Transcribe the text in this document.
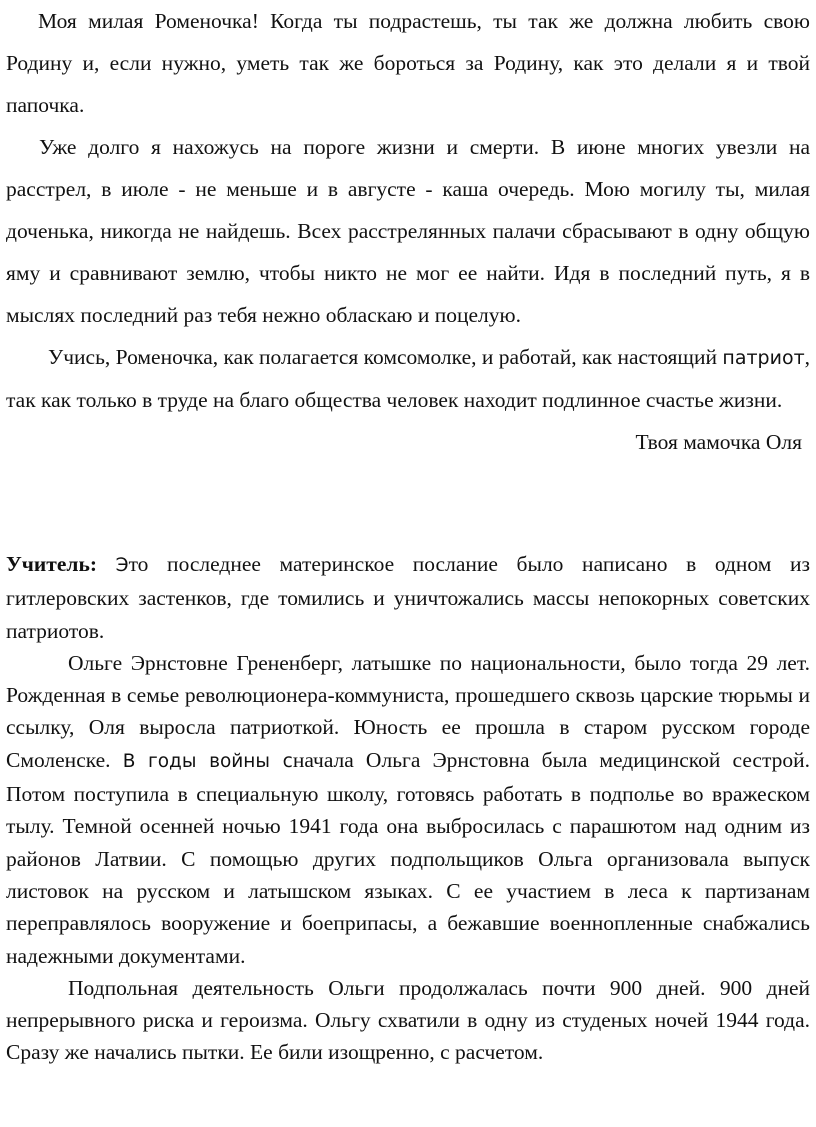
Моя милая Роменочка! Когда ты подрастешь, ты так же должна любить свою Родину и, если нужно, уметь так же бороться за Родину, как это делали я и твой папочка.

Уже долго я нахожусь на пороге жизни и смерти. В июне многих увезли на расстрел, в июле - не меньше и в августе - каша очередь. Мою могилу ты, милая доченька, никогда не найдешь. Всех расстрелянных палачи сбрасывают в одну общую яму и сравнивают землю, чтобы никто не мог ее найти. Идя в последний путь, я в мыслях последний раз тебя нежно обласкаю и поцелую.

Учись, Роменочка, как полагается комсомолке, и работай, как настоящий патриот, так как только в труде на благо общества человек находит подлинное счастье жизни.

Твоя мамочка Оля

Учитель: Это последнее материнское послание было написано в одном из гитлеровских застенков, где томились и уничтожались массы непокорных советских патриотов.

Ольге Эрнстовне Грененберг, латышке по национальности, было тогда 29 лет. Рожденная в семье революционера-коммуниста, прошедшего сквозь царские тюрьмы и ссылку, Оля выросла патриоткой. Юность ее прошла в старом русском городе Смоленске. В годы войны сначала Ольга Эрнстовна была медицинской сестрой. Потом поступила в специальную школу, готовясь работать в подполье во вражеском тылу. Темной осенней ночью 1941 года она выбросилась с парашютом над одним из районов Латвии. С помощью других подпольщиков Ольга организовала выпуск листовок на русском и латышском языках. С ее участием в леса к партизанам переправлялось вооружение и боеприпасы, а бежавшие военнопленные снабжались надежными документами.

Подпольная деятельность Ольги продолжалась почти 900 дней. 900 дней непрерывного риска и героизма. Ольгу схватили в одну из студеных ночей 1944 года. Сразу же начались пытки. Ее били изощренно, с расчетом.
